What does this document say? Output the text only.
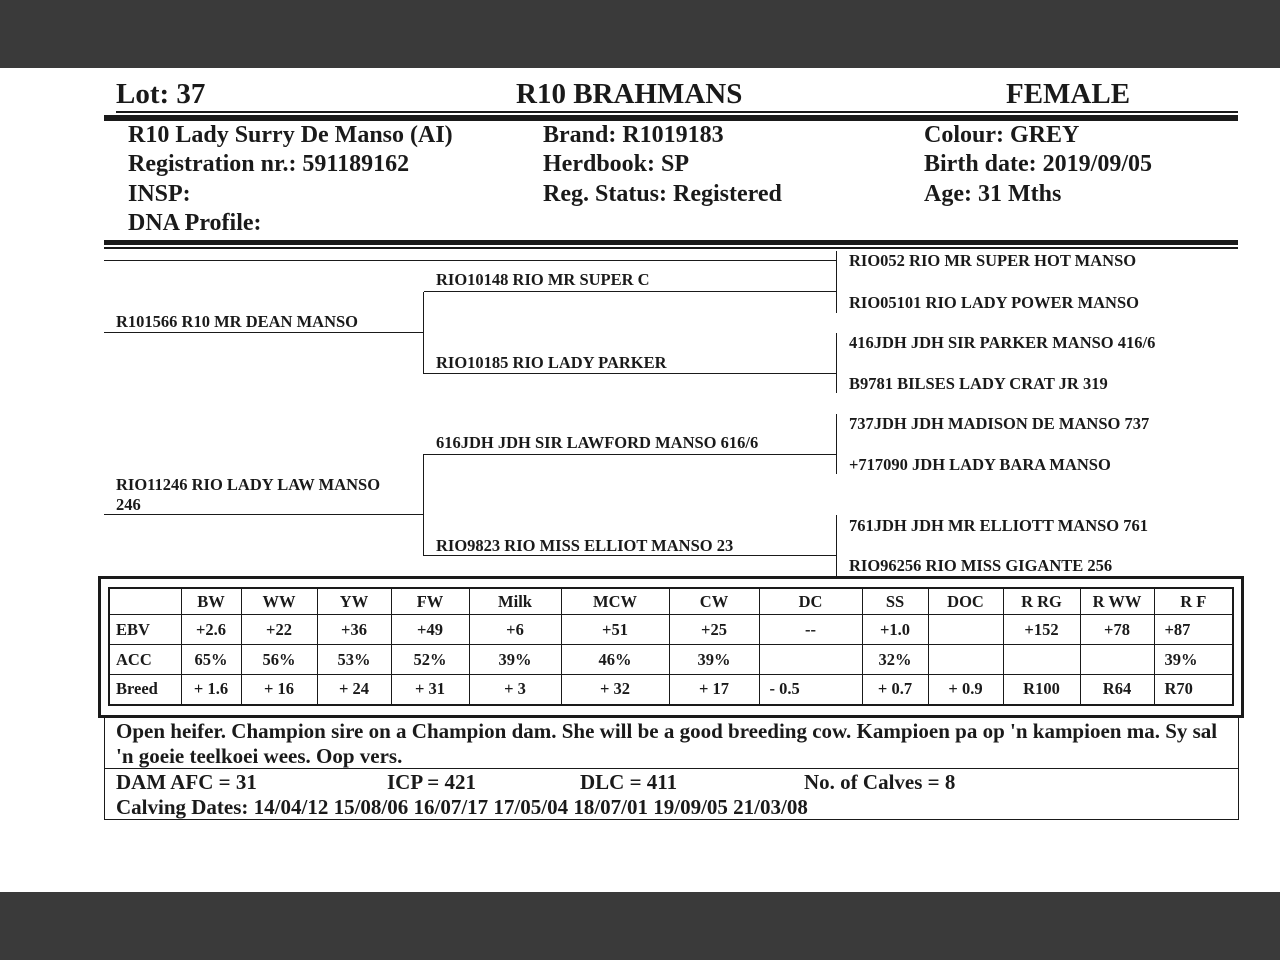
Lot: 37	R10 BRAHMANS	FEMALE
R10 Lady Surry De Manso (AI)
Registration nr.: 591189162
INSP:
DNA Profile:
Brand: R1019183
Herdbook: SP
Reg. Status: Registered
Colour: GREY
Birth date: 2019/09/05
Age: 31 Mths
R101566 R10 MR DEAN MANSO
RIO11246 RIO LADY LAW MANSO
246
RIO10148 RIO MR SUPER C
RIO10185 RIO LADY PARKER
616JDH JDH SIR LAWFORD MANSO 616/6
RIO9823 RIO MISS ELLIOT MANSO 23
RIO052 RIO MR SUPER HOT MANSO
RIO05101 RIO LADY POWER MANSO
416JDH JDH SIR PARKER MANSO 416/6
B9781 BILSES LADY CRAT JR 319
737JDH JDH MADISON DE MANSO 737
+717090 JDH LADY BARA MANSO
761JDH JDH MR ELLIOTT MANSO 761
RIO96256 RIO MISS GIGANTE 256
	BW	WW	YW	FW	Milk	MCW	CW	DC	SS	DOC	R RG	R WW	R F
EBV	+2.6	+22	+36	+49	+6	+51	+25	--	+1.0		+152	+78	+87
ACC	65%	56%	53%	52%	39%	46%	39%		32%				39%
Breed	+ 1.6	+ 16	+ 24	+ 31	+ 3	+ 32	+ 17	- 0.5	+ 0.7	+ 0.9	R100	R64	R70
Open heifer. Champion sire on a Champion dam. She will be a good breeding cow. Kampioen pa op 'n kampioen ma. Sy sal 'n goeie teelkoei wees. Oop vers.
DAM AFC = 31	ICP = 421	DLC = 411	No. of Calves = 8
Calving Dates: 14/04/12 15/08/06 16/07/17 17/05/04 18/07/01 19/09/05 21/03/08
